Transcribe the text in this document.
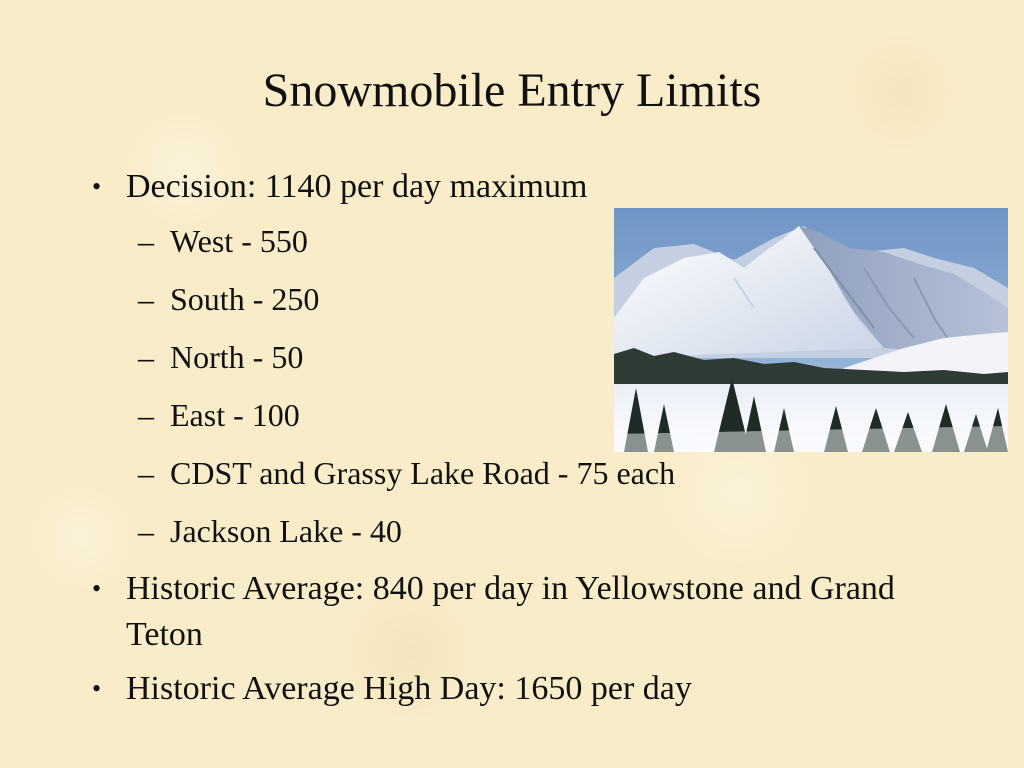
Snowmobile Entry Limits
• Decision: 1140 per day maximum
– West - 550
– South - 250
– North - 50
– East - 100
– CDST and Grassy Lake Road - 75 each
– Jackson Lake - 40
• Historic Average: 840 per day in Yellowstone and Grand Teton
• Historic Average High Day: 1650 per day
